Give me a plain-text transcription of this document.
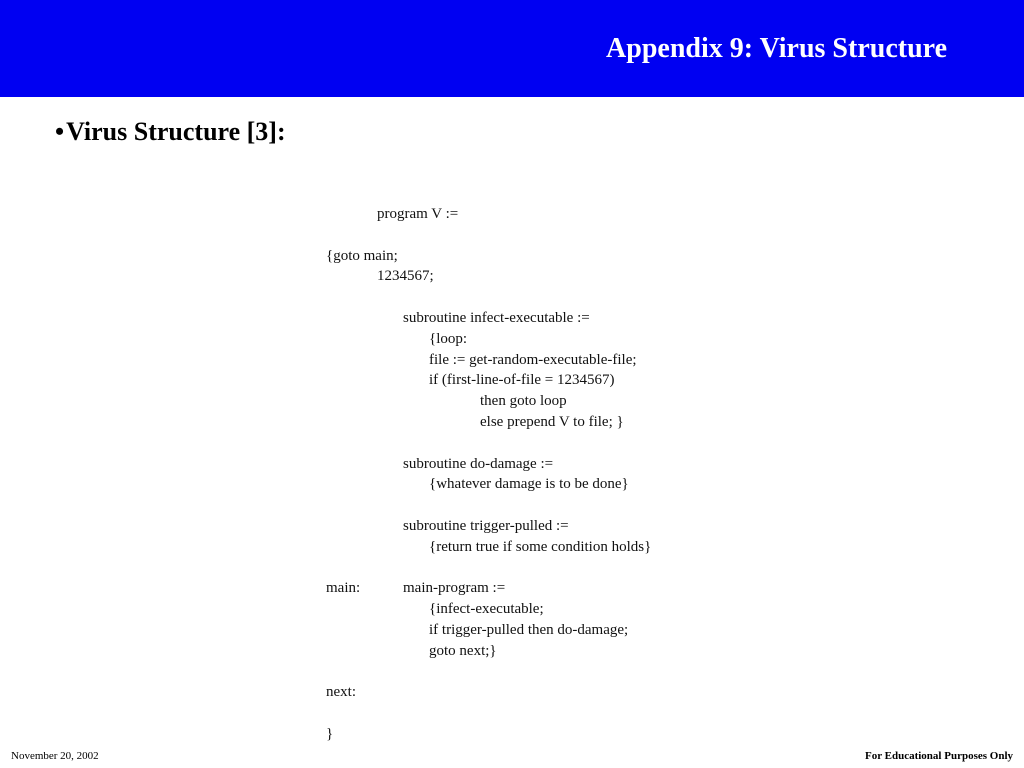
Appendix 9: Virus Structure
•Virus Structure [3]:
program V :=
{goto main;
1234567;
subroutine infect-executable :=
{loop:
file := get-random-executable-file;
if (first-line-of-file = 1234567)
then goto loop
else prepend V to file; }
subroutine do-damage :=
{whatever damage is to be done}
subroutine trigger-pulled :=
{return true if some condition holds}
main:	main-program :=
{infect-executable;
if trigger-pulled then do-damage;
goto next;}
next:
}
November 20, 2002	For Educational Purposes Only
